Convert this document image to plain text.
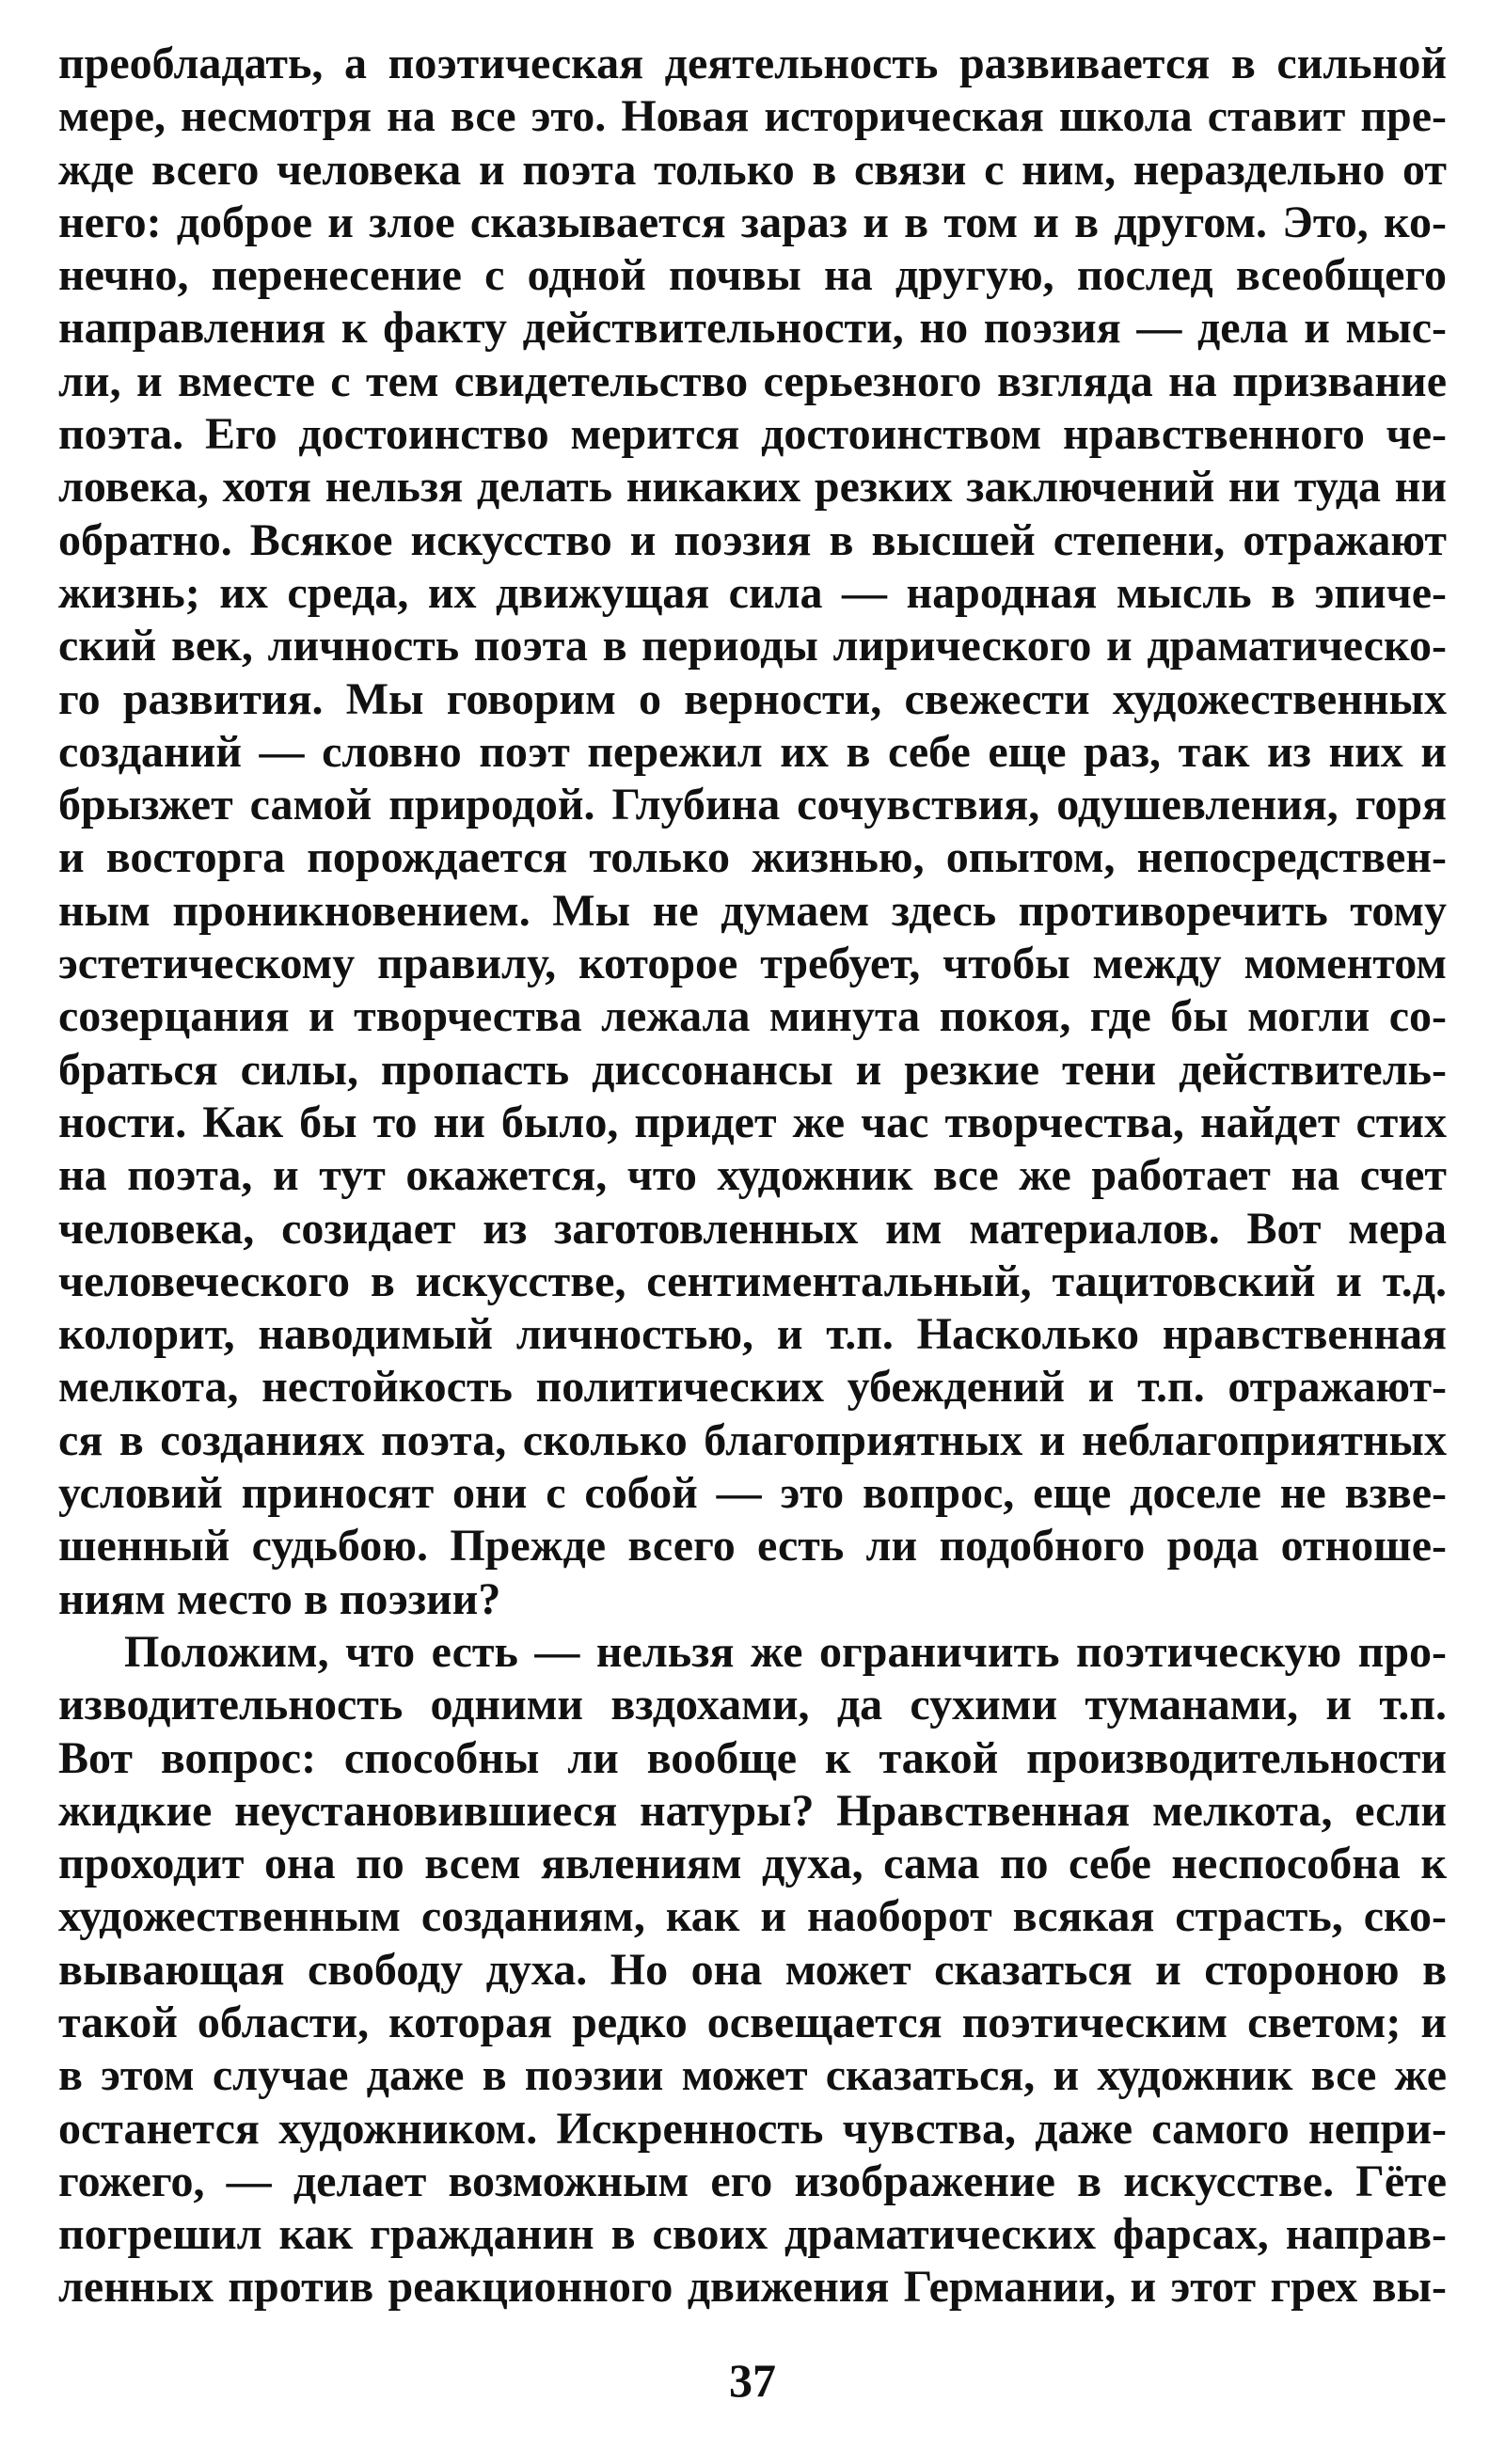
преобладать, а поэтическая деятельность развивается в сильной
мере, несмотря на все это. Новая историческая школа ставит пре-
жде всего человека и поэта только в связи с ним, нераздельно от
него: доброе и злое сказывается зараз и в том и в другом. Это, ко-
нечно, перенесение с одной почвы на другую, послед всеобщего
направления к факту действительности, но поэзия — дела и мыс-
ли, и вместе с тем свидетельство серьезного взгляда на призвание
поэта. Его достоинство мерится достоинством нравственного че-
ловека, хотя нельзя делать никаких резких заключений ни туда ни
обратно. Всякое искусство и поэзия в высшей степени, отражают
жизнь; их среда, их движущая сила — народная мысль в эпиче-
ский век, личность поэта в периоды лирического и драматическо-
го развития. Мы говорим о верности, свежести художественных
созданий — словно поэт пережил их в себе еще раз, так из них и
брызжет самой природой. Глубина сочувствия, одушевления, горя
и восторга порождается только жизнью, опытом, непосредствен-
ным проникновением. Мы не думаем здесь противоречить тому
эстетическому правилу, которое требует, чтобы между моментом
созерцания и творчества лежала минута покоя, где бы могли со-
браться силы, пропасть диссонансы и резкие тени действитель-
ности. Как бы то ни было, придет же час творчества, найдет стих
на поэта, и тут окажется, что художник все же работает на счет
человека, созидает из заготовленных им материалов. Вот мера
человеческого в искусстве, сентиментальный, тацитовский и т.д.
колорит, наводимый личностью, и т.п. Насколько нравственная
мелкота, нестойкость политических убеждений и т.п. отражают-
ся в созданиях поэта, сколько благоприятных и неблагоприятных
условий приносят они с собой — это вопрос, еще доселе не взве-
шенный судьбою. Прежде всего есть ли подобного рода отноше-
ниям место в поэзии?
Положим, что есть — нельзя же ограничить поэтическую про-
изводительность одними вздохами, да сухими туманами, и т.п.
Вот вопрос: способны ли вообще к такой производительности
жидкие неустановившиеся натуры? Нравственная мелкота, если
проходит она по всем явлениям духа, сама по себе неспособна к
художественным созданиям, как и наоборот всякая страсть, ско-
вывающая свободу духа. Но она может сказаться и стороною в
такой области, которая редко освещается поэтическим светом; и
в этом случае даже в поэзии может сказаться, и художник все же
останется художником. Искренность чувства, даже самого непри-
гожего, — делает возможным его изображение в искусстве. Гёте
погрешил как гражданин в своих драматических фарсах, направ-
ленных против реакционного движения Германии, и этот грех вы-
37
